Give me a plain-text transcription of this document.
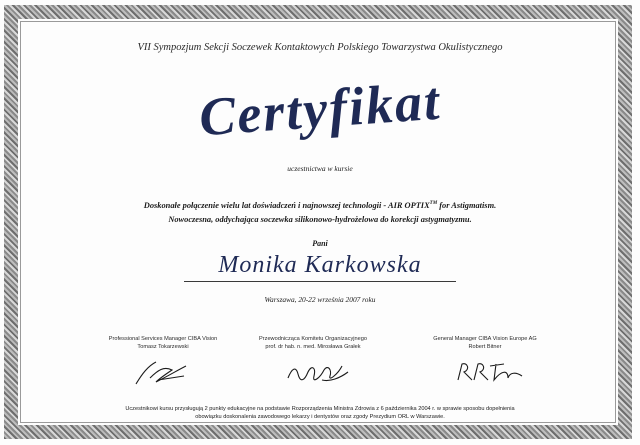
VII Sympozjum Sekcji Soczewek Kontaktowych Polskiego Towarzystwa Okulistycznego
Certyfikat
uczestnictwa w kursie
Doskonałe połączenie wielu lat doświadczeń i najnowszej technologii - AIR OPTIX™ for Astigmatism.
Nowoczesna, oddychająca soczewka silikonowo-hydrożelowa do korekcji astygmatyzmu.
Pani
Monika Karkowska
Warszawa, 20-22 września 2007 roku
Professional Services Manager CIBA Vision
Tomasz Tokarzewski
Przewodnicząca Komitetu Organizacyjnego
prof. dr hab. n. med. Mirosława Grałek
General Manager CIBA Vision Europe AG
Robert Bitner
Uczestnikowi kursu przysługują 2 punkty edukacyjne na podstawie Rozporządzenia Ministra Zdrowia z 6 października 2004 r. w sprawie sposobu dopełnienia
obowiązku doskonalenia zawodowego lekarzy i dentystów oraz zgody Prezydium ORL w Warszawie.
